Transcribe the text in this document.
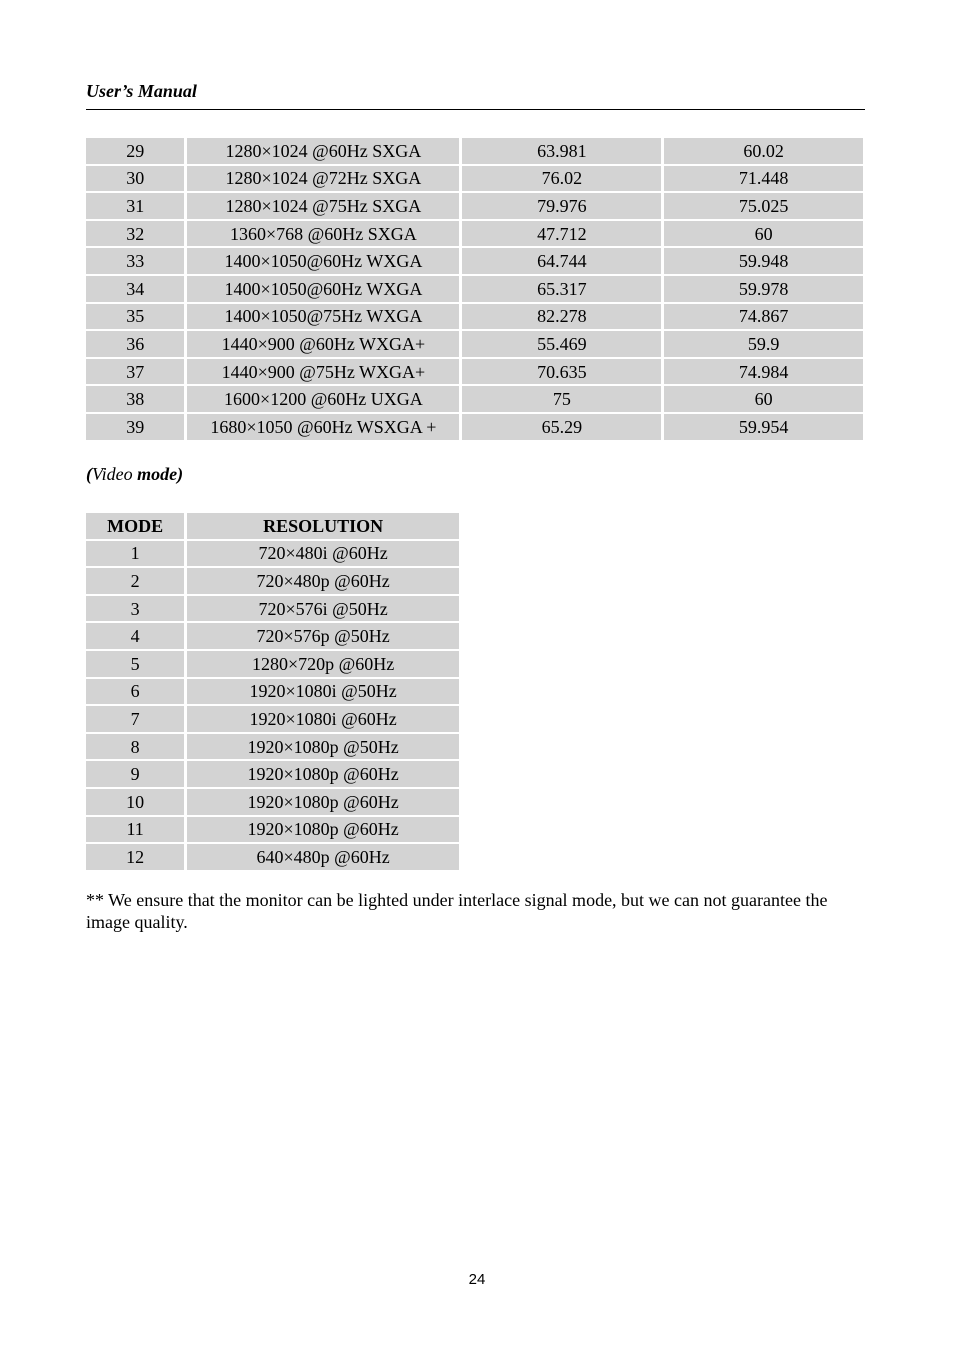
User’s Manual
29	1280×1024 @60Hz SXGA	63.981	60.02
30	1280×1024 @72Hz SXGA	76.02	71.448
31	1280×1024 @75Hz SXGA	79.976	75.025
32	1360×768 @60Hz SXGA	47.712	60
33	1400×1050@60Hz WXGA	64.744	59.948
34	1400×1050@60Hz WXGA	65.317	59.978
35	1400×1050@75Hz WXGA	82.278	74.867
36	1440×900 @60Hz WXGA+	55.469	59.9
37	1440×900 @75Hz WXGA+	70.635	74.984
38	1600×1200 @60Hz UXGA	75	60
39	1680×1050 @60Hz WSXGA +	65.29	59.954
(Video mode)
MODE	RESOLUTION
1	720×480i @60Hz
2	720×480p @60Hz
3	720×576i @50Hz
4	720×576p @50Hz
5	1280×720p @60Hz
6	1920×1080i @50Hz
7	1920×1080i @60Hz
8	1920×1080p @50Hz
9	1920×1080p @60Hz
10	1920×1080p @60Hz
11	1920×1080p @60Hz
12	640×480p @60Hz
** We ensure that the monitor can be lighted under interlace signal mode, but we can not guarantee the image quality.
24
